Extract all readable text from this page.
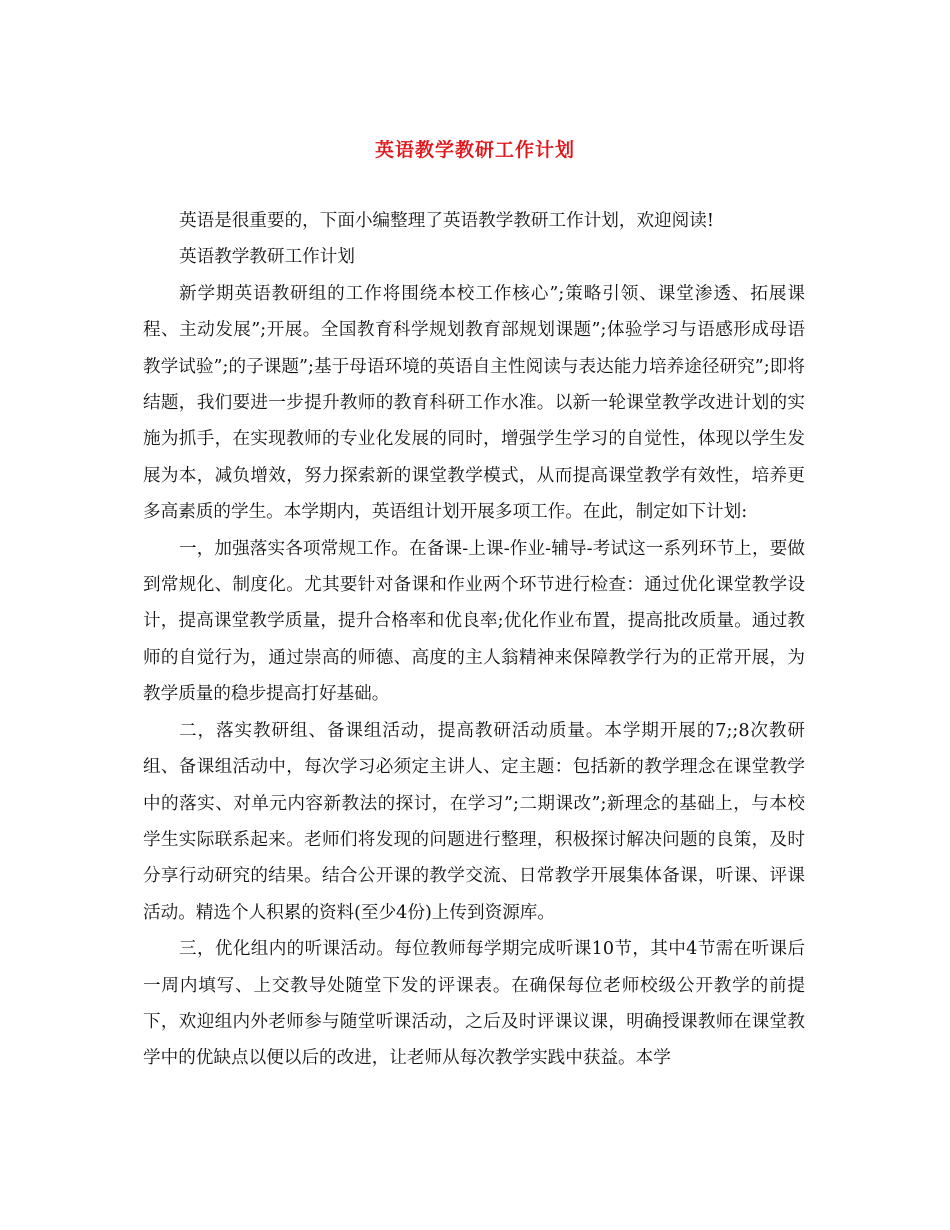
英语教学教研工作计划

英语是很重要的，下面小编整理了英语教学教研工作计划，欢迎阅读!

英语教学教研工作计划

新学期英语教研组的工作将围绕本校工作核心”;策略引领、课堂渗透、拓展课程、主动发展”;开展。全国教育科学规划教育部规划课题”;体验学习与语感形成母语教学试验”;的子课题”;基于母语环境的英语自主性阅读与表达能力培养途径研究”;即将结题，我们要进一步提升教师的教育科研工作水准。以新一轮课堂教学改进计划的实施为抓手，在实现教师的专业化发展的同时，增强学生学习的自觉性，体现以学生发展为本，减负增效，努力探索新的课堂教学模式，从而提高课堂教学有效性，培养更多高素质的学生。本学期内，英语组计划开展多项工作。在此，制定如下计划:

一，加强落实各项常规工作。在备课-上课-作业-辅导-考试这一系列环节上，要做到常规化、制度化。尤其要针对备课和作业两个环节进行检查：通过优化课堂教学设计，提高课堂教学质量，提升合格率和优良率;优化作业布置，提高批改质量。通过教师的自觉行为，通过崇高的师德、高度的主人翁精神来保障教学行为的正常开展，为教学质量的稳步提高打好基础。

二，落实教研组、备课组活动，提高教研活动质量。本学期开展的7;;8次教研组、备课组活动中，每次学习必须定主讲人、定主题：包括新的教学理念在课堂教学中的落实、对单元内容新教法的探讨，在学习”;二期课改”;新理念的基础上，与本校学生实际联系起来。老师们将发现的问题进行整理，积极探讨解决问题的良策，及时分享行动研究的结果。结合公开课的教学交流、日常教学开展集体备课，听课、评课活动。精选个人积累的资料(至少4份)上传到资源库。

三，优化组内的听课活动。每位教师每学期完成听课10节，其中4节需在听课后一周内填写、上交教导处随堂下发的评课表。在确保每位老师校级公开教学的前提下，欢迎组内外老师参与随堂听课活动，之后及时评课议课，明确授课教师在课堂教学中的优缺点以便以后的改进，让老师从每次教学实践中获益。本学
